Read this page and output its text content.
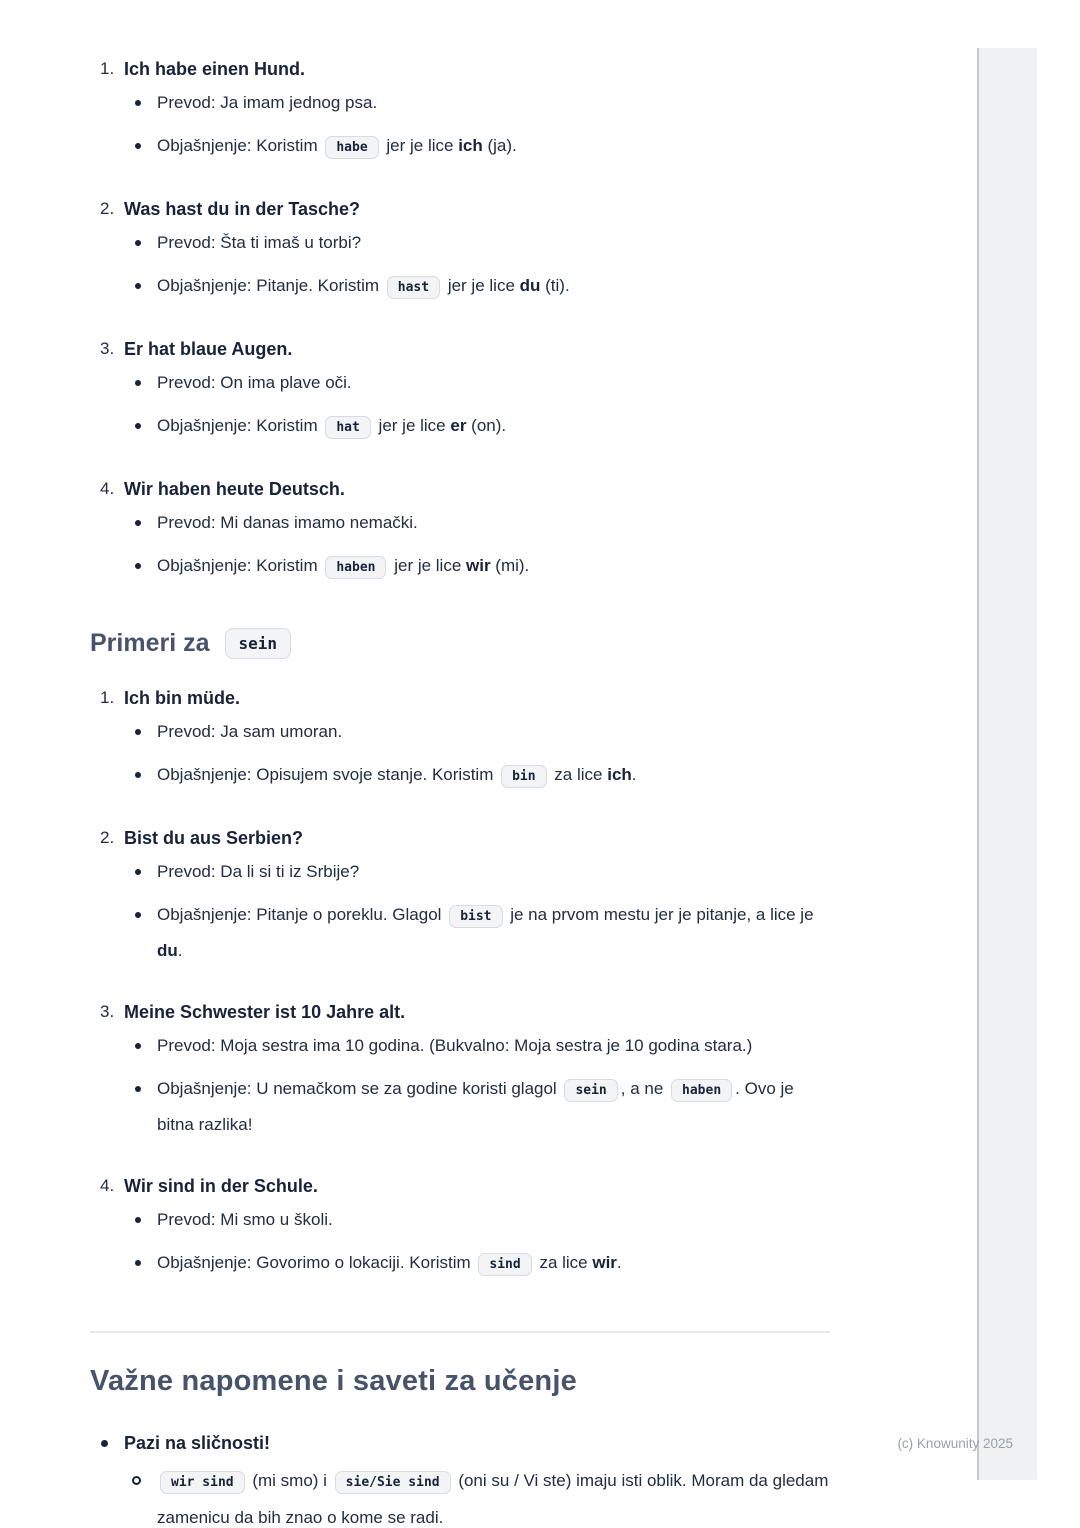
1. Ich habe einen Hund.
Prevod: Ja imam jednog psa.
Objašnjenje: Koristim habe jer je lice ich (ja).
2. Was hast du in der Tasche?
Prevod: Šta ti imaš u torbi?
Objašnjenje: Pitanje. Koristim hast jer je lice du (ti).
3. Er hat blaue Augen.
Prevod: On ima plave oči.
Objašnjenje: Koristim hat jer je lice er (on).
4. Wir haben heute Deutsch.
Prevod: Mi danas imamo nemački.
Objašnjenje: Koristim haben jer je lice wir (mi).
Primeri za	sein
1. Ich bin müde.
Prevod: Ja sam umoran.
Objašnjenje: Opisujem svoje stanje. Koristim bin za lice ich.
2. Bist du aus Serbien?
Prevod: Da li si ti iz Srbije?
Objašnjenje: Pitanje o poreklu. Glagol bist je na prvom mestu jer je pitanje, a lice je du.
3. Meine Schwester ist 10 Jahre alt.
Prevod: Moja sestra ima 10 godina. (Bukvalno: Moja sestra je 10 godina stara.)
Objašnjenje: U nemačkom se za godine koristi glagol sein , a ne haben . Ovo je bitna razlika!
4. Wir sind in der Schule.
Prevod: Mi smo u školi.
Objašnjenje: Govorimo o lokaciji. Koristim sind za lice wir.
Važne napomene i saveti za učenje
Pazi na sličnosti!
wir sind (mi smo) i sie/Sie sind (oni su / Vi ste) imaju isti oblik. Moram da gledam zamenicu da bih znao o kome se radi.
(c) Knowunity 2025
